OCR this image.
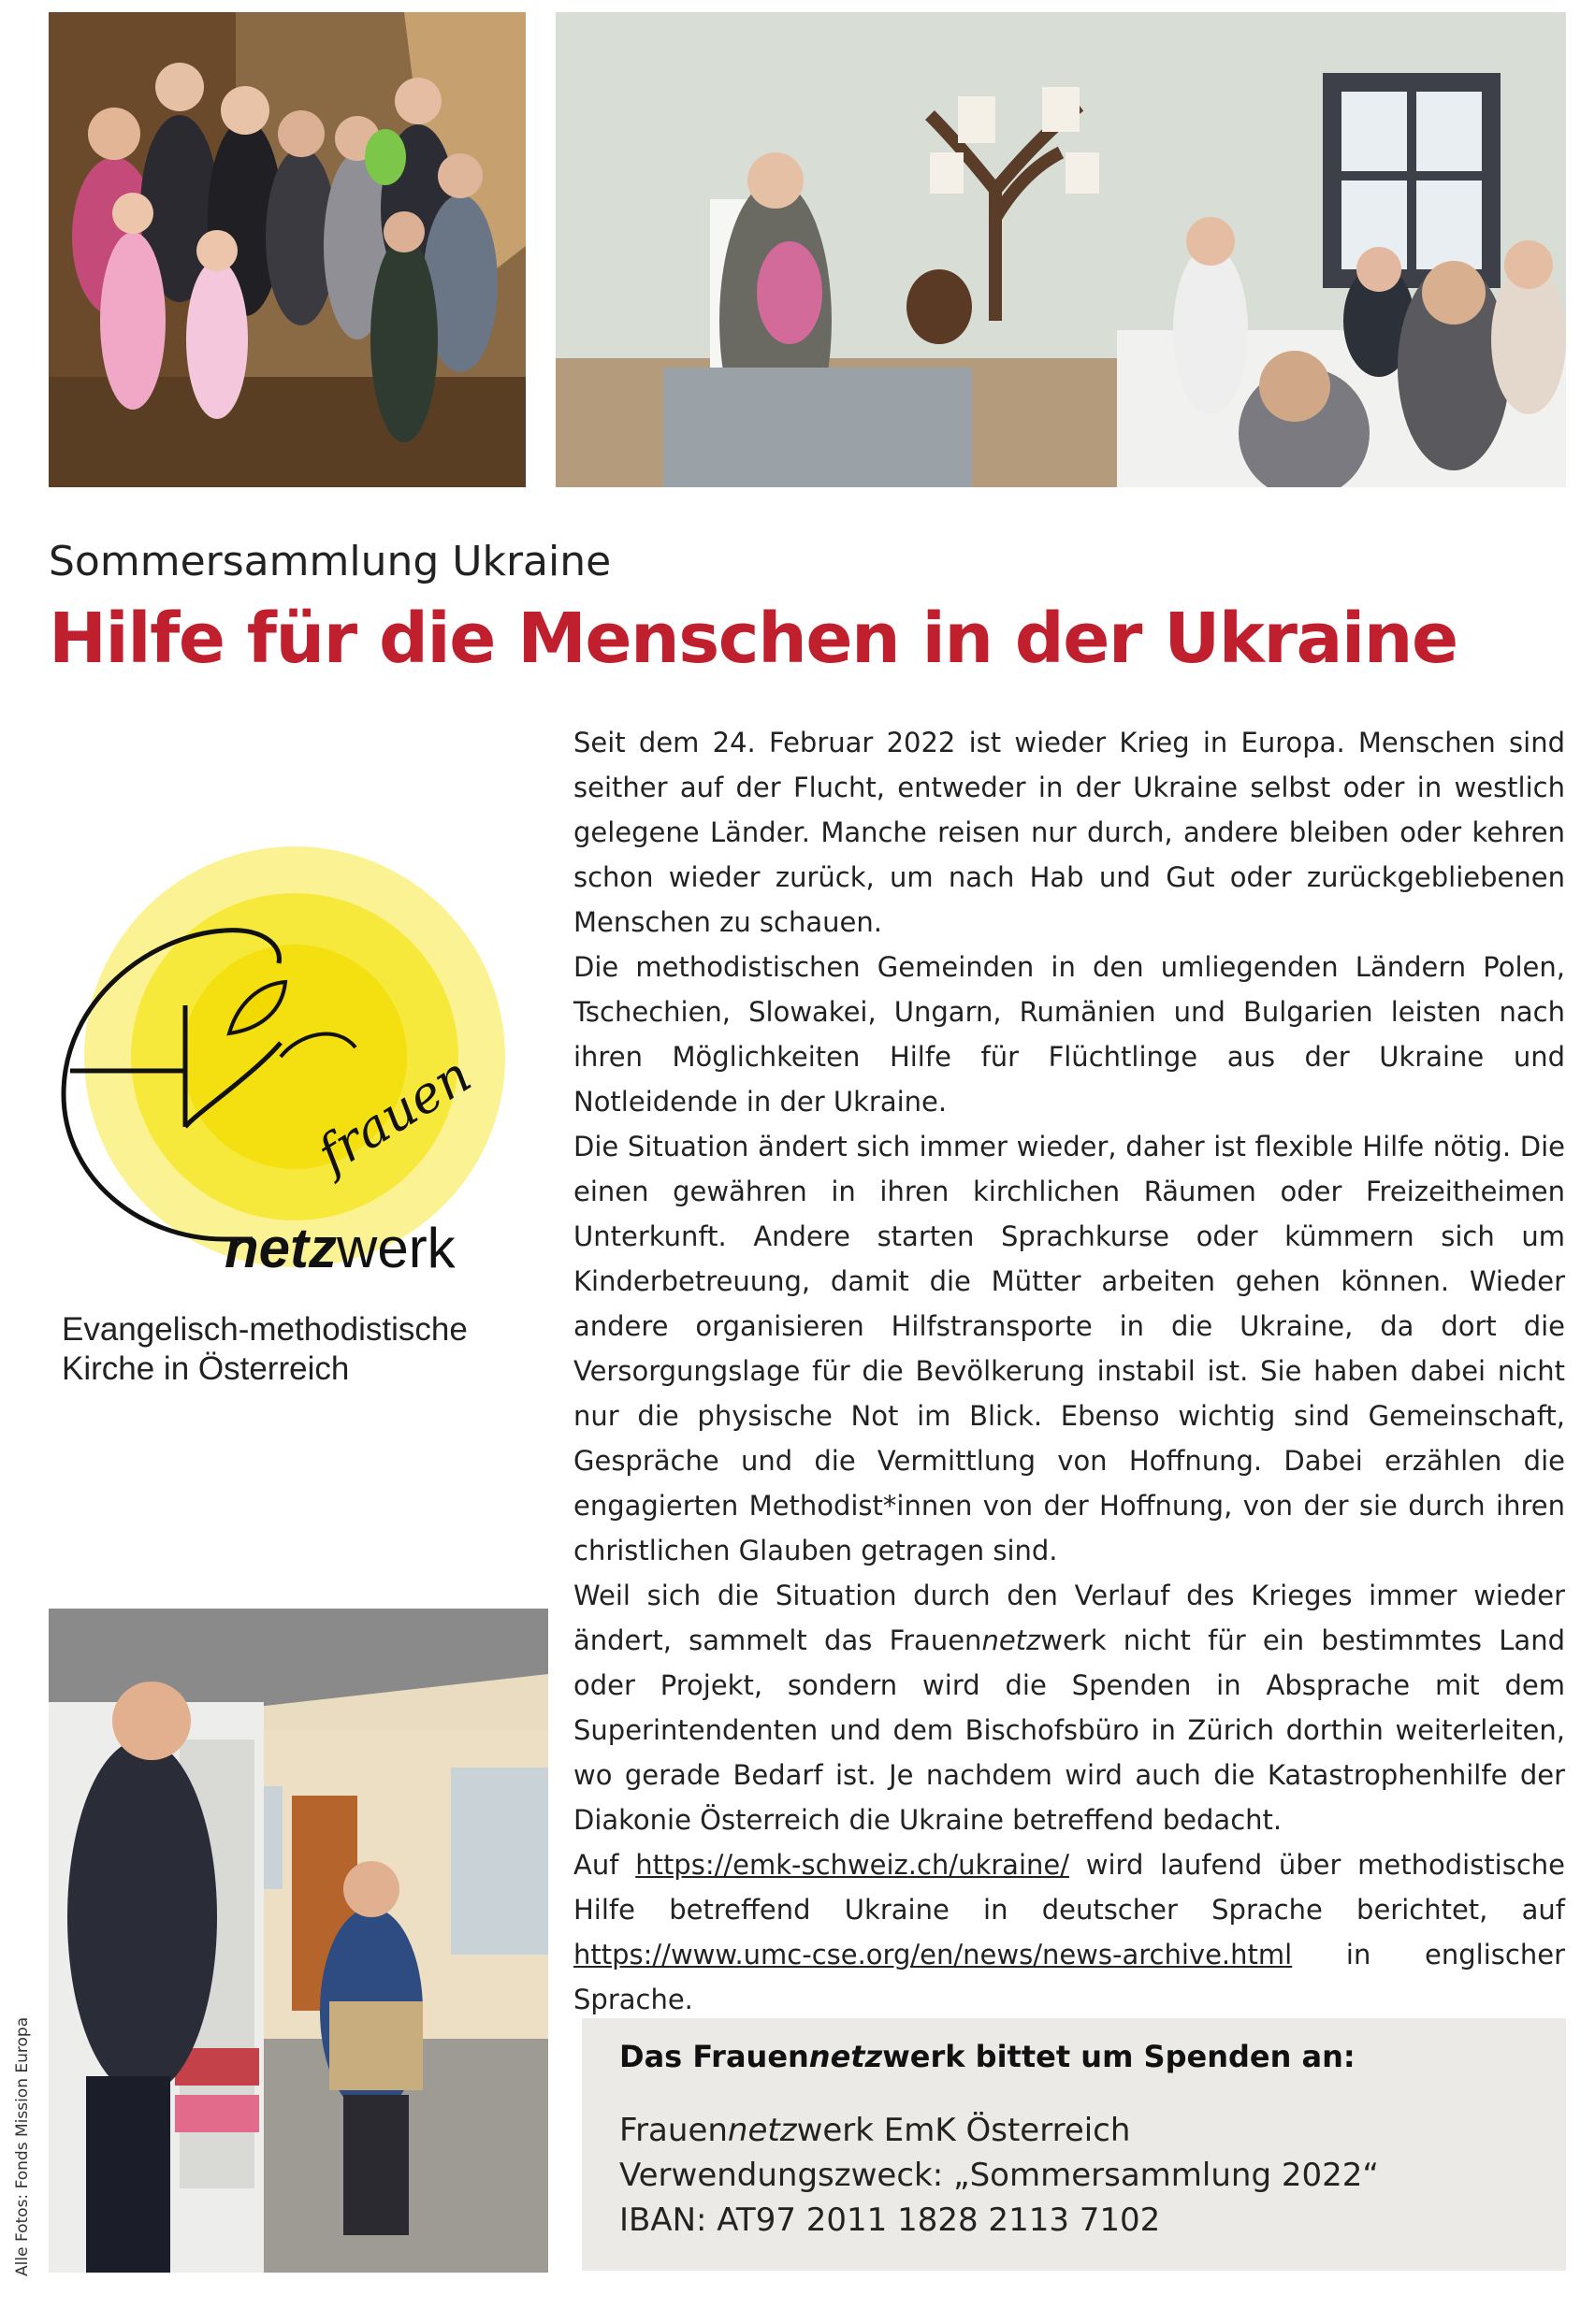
Sommersammlung Ukraine
Hilfe für die Menschen in der Ukraine
frauen
netzwerk
Evangelisch-methodistische
Kirche in Österreich

Seit dem 24. Februar 2022 ist wieder Krieg in Europa. Menschen sind seither auf der Flucht, entweder in der Ukraine selbst oder in westlich gelegene Länder. Manche reisen nur durch, andere bleiben oder kehren schon wieder zurück, um nach Hab und Gut oder zurückgebliebenen Menschen zu schauen.

Die methodistischen Gemeinden in den umliegenden Ländern Polen, Tschechien, Slowakei, Ungarn, Rumänien und Bulgarien leisten nach ihren Möglichkeiten Hilfe für Flüchtlinge aus der Ukraine und Notleidende in der Ukraine.

Die Situation ändert sich immer wieder, daher ist flexible Hilfe nötig. Die einen gewähren in ihren kirchlichen Räumen oder Freizeitheimen Unterkunft. Andere starten Sprachkurse oder kümmern sich um Kinderbetreuung, damit die Mütter arbeiten gehen können. Wieder andere organisieren Hilfstransporte in die Ukraine, da dort die Versorgungslage für die Bevölkerung instabil ist. Sie haben dabei nicht nur die physische Not im Blick. Ebenso wichtig sind Gemeinschaft, Gespräche und die Vermittlung von Hoffnung. Dabei erzählen die engagierten Methodist*innen von der Hoffnung, von der sie durch ihren christlichen Glauben getragen sind.

Weil sich die Situation durch den Verlauf des Krieges immer wieder ändert, sammelt das Frauennetzwerk nicht für ein bestimmtes Land oder Projekt, sondern wird die Spenden in Absprache mit dem Superintendenten und dem Bischofsbüro in Zürich dorthin weiterleiten, wo gerade Bedarf ist. Je nachdem wird auch die Katastrophenhilfe der Diakonie Österreich die Ukraine betreffend bedacht.

Auf https://emk-schweiz.ch/ukraine/ wird laufend über methodistische Hilfe betreffend Ukraine in deutscher Sprache berichtet, auf https://www.umc-cse.org/en/news/news-archive.html in englischer Sprache.

Das Frauennetzwerk bittet um Spenden an:

Frauennetzwerk EmK Österreich

Verwendungszweck: „Sommersammlung 2022“

IBAN: AT97 2011 1828 2113 7102

Alle Fotos: Fonds Mission Europa
